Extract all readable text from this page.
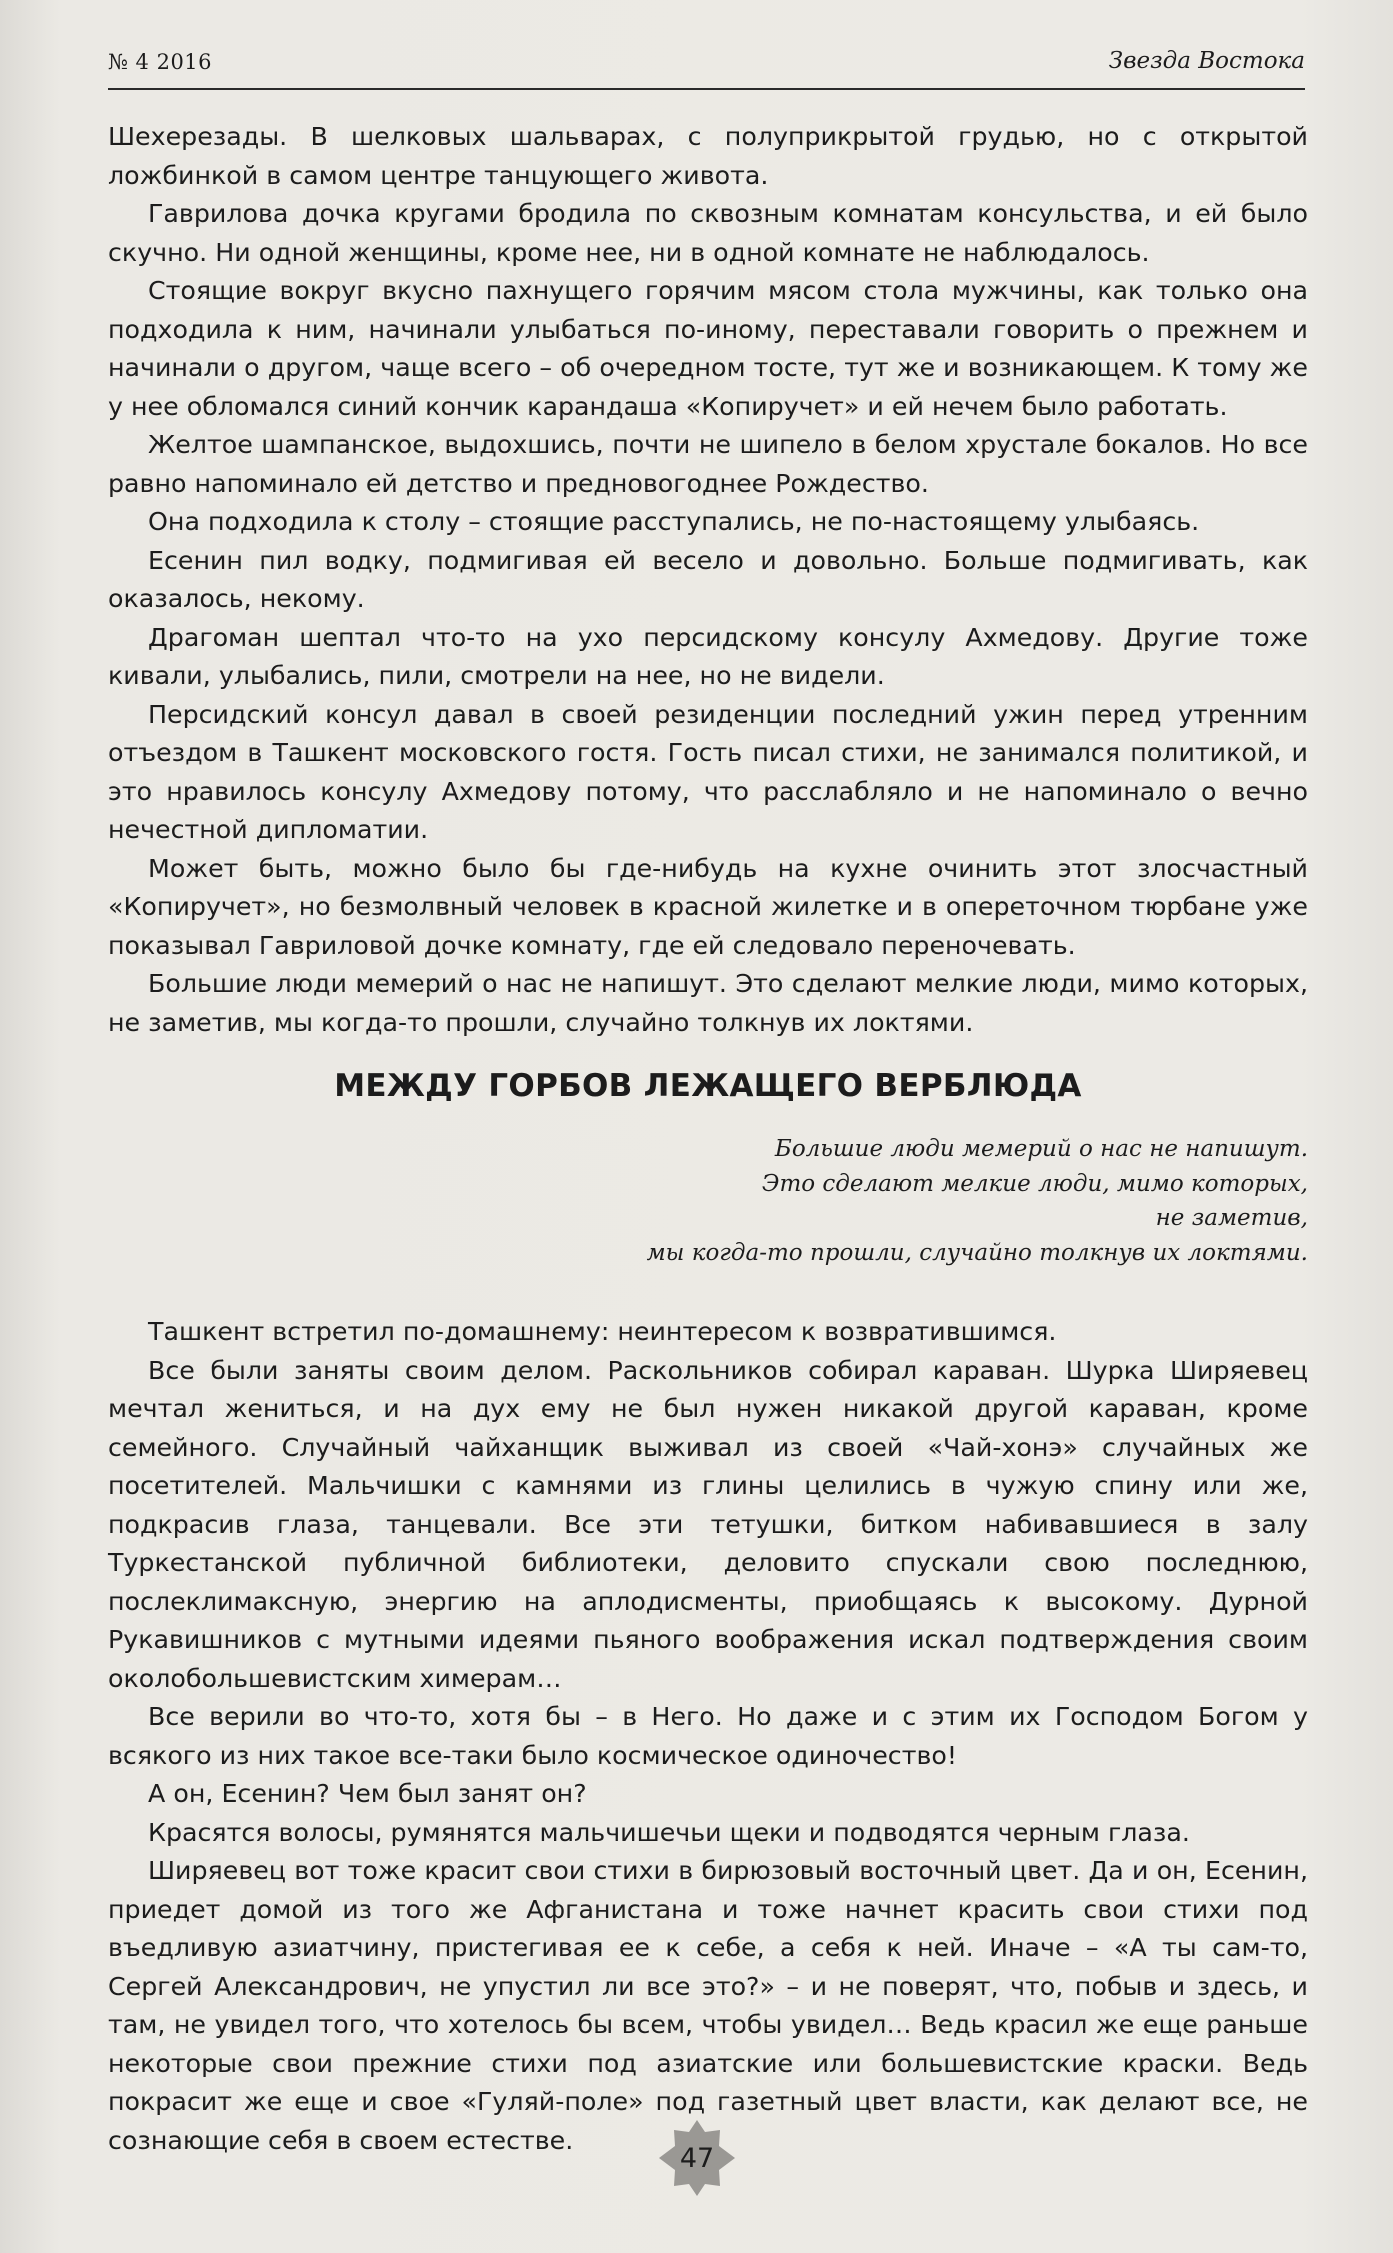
№ 4 2016	Звезда Востока

Шехерезады. В шелковых шальварах, с полуприкрытой грудью, но с открытой ложбинкой в самом центре танцующего живота.

Гаврилова дочка кругами бродила по сквозным комнатам консульства, и ей было скучно. Ни одной женщины, кроме нее, ни в одной комнате не наблюдалось.

Стоящие вокруг вкусно пахнущего горячим мясом стола мужчины, как только она подходила к ним, начинали улыбаться по-иному, переставали говорить о прежнем и начинали о другом, чаще всего – об очередном тосте, тут же и возникающем. К тому же у нее обломался синий кончик карандаша «Копиручет» и ей нечем было работать.

Желтое шампанское, выдохшись, почти не шипело в белом хрустале бокалов. Но все равно напоминало ей детство и предновогоднее Рождество.

Она подходила к столу – стоящие расступались, не по-настоящему улыбаясь.

Есенин пил водку, подмигивая ей весело и довольно. Больше подмигивать, как оказалось, некому.

Драгоман шептал что-то на ухо персидскому консулу Ахмедову. Другие тоже кивали, улыбались, пили, смотрели на нее, но не видели.

Персидский консул давал в своей резиденции последний ужин перед утренним отъездом в Ташкент московского гостя. Гость писал стихи, не занимался политикой, и это нравилось консулу Ахмедову потому, что расслабляло и не напоминало о вечно нечестной дипломатии.

Может быть, можно было бы где-нибудь на кухне очинить этот злосчастный «Копиручет», но безмолвный человек в красной жилетке и в опереточном тюрбане уже показывал Гавриловой дочке комнату, где ей следовало переночевать.

Большие люди мемерий о нас не напишут. Это сделают мелкие люди, мимо которых, не заметив, мы когда-то прошли, случайно толкнув их локтями.

МЕЖДУ ГОРБОВ ЛЕЖАЩЕГО ВЕРБЛЮДА
Большие люди мемерий о нас не напишут.
Это сделают мелкие люди, мимо которых,
не заметив,
мы когда-то прошли, случайно толкнув их локтями.

Ташкент встретил по-домашнему: неинтересом к возвратившимся.

Все были заняты своим делом. Раскольников собирал караван. Шурка Ширяевец мечтал жениться, и на дух ему не был нужен никакой другой караван, кроме семейного. Случайный чайханщик выживал из своей «Чай-хонэ» случайных же посетителей. Мальчишки с камнями из глины целились в чужую спину или же, подкрасив глаза, танцевали. Все эти тетушки, битком набивавшиеся в залу Туркестанской публичной библиотеки, деловито спускали свою последнюю, послеклимаксную, энергию на аплодисменты, приобщаясь к высокому. Дурной Рукавишников с мутными идеями пьяного воображения искал подтверждения своим околобольшевистским химерам…

Все верили во что-то, хотя бы – в Него. Но даже и с этим их Господом Богом у всякого из них такое все-таки было космическое одиночество!

А он, Есенин? Чем был занят он?

Красятся волосы, румянятся мальчишечьи щеки и подводятся черным глаза.

Ширяевец вот тоже красит свои стихи в бирюзовый восточный цвет. Да и он, Есенин, приедет домой из того же Афганистана и тоже начнет красить свои стихи под въедливую азиатчину, пристегивая ее к себе, а себя к ней. Иначе – «А ты сам-то, Сергей Александрович, не упустил ли все это?» – и не поверят, что, побыв и здесь, и там, не увидел того, что хотелось бы всем, чтобы увидел… Ведь красил же еще раньше некоторые свои прежние стихи под азиатские или большевистские краски. Ведь покрасит же еще и свое «Гуляй-поле» под газетный цвет власти, как делают все, не сознающие себя в своем естестве.

47
